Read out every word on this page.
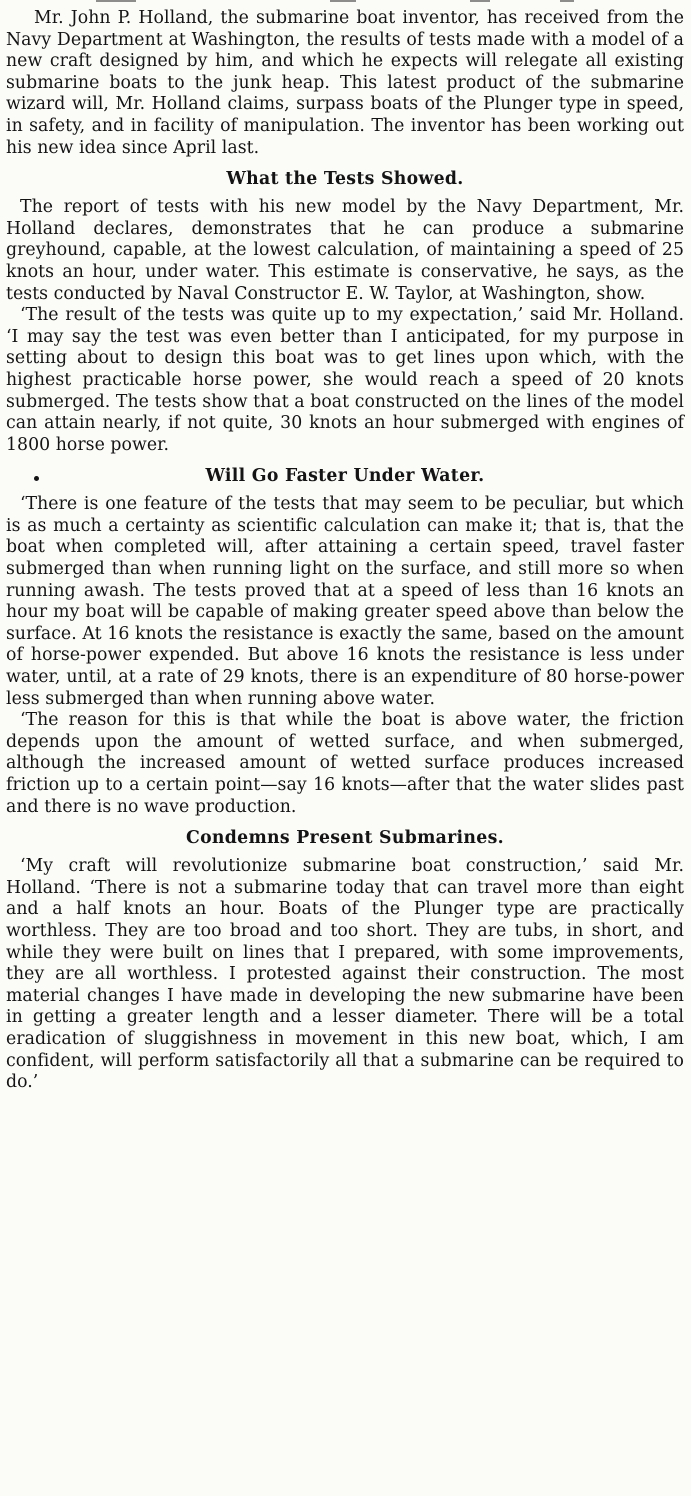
Mr. John P. Holland, the submarine boat inventor, has received from the Navy Department at Washington, the results of tests made with a model of a new craft designed by him, and which he expects will relegate all existing submarine boats to the junk heap. This latest product of the submarine wizard will, Mr. Holland claims, surpass boats of the Plunger type in speed, in safety, and in facility of manipulation. The inventor has been working out his new idea since April last.

What the Tests Showed.

The report of tests with his new model by the Navy Department, Mr. Holland declares, demonstrates that he can produce a submarine greyhound, capable, at the lowest calculation, of maintaining a speed of 25 knots an hour, under water. This estimate is conservative, he says, as the tests conducted by Naval Constructor E. W. Taylor, at Washington, show.

‘The result of the tests was quite up to my expectation,’ said Mr. Holland. ‘I may say the test was even better than I anticipated, for my purpose in setting about to design this boat was to get lines upon which, with the highest practicable horse power, she would reach a speed of 20 knots submerged. The tests show that a boat constructed on the lines of the model can attain nearly, if not quite, 30 knots an hour submerged with engines of 1800 horse power.

Will Go Faster Under Water.

‘There is one feature of the tests that may seem to be peculiar, but which is as much a certainty as scientific calculation can make it; that is, that the boat when completed will, after attaining a certain speed, travel faster submerged than when running light on the surface, and still more so when running awash. The tests proved that at a speed of less than 16 knots an hour my boat will be capable of making greater speed above than below the surface. At 16 knots the resistance is exactly the same, based on the amount of horse-power expended. But above 16 knots the resistance is less under water, until, at a rate of 29 knots, there is an expenditure of 80 horse-power less submerged than when running above water.

‘The reason for this is that while the boat is above water, the friction depends upon the amount of wetted surface, and when submerged, although the increased amount of wetted surface produces increased friction up to a certain point—say 16 knots—after that the water slides past and there is no wave production.

Condemns Present Submarines.

‘My craft will revolutionize submarine boat construction,’ said Mr. Holland. ‘There is not a submarine today that can travel more than eight and a half knots an hour. Boats of the Plunger type are practically worthless. They are too broad and too short. They are tubs, in short, and while they were built on lines that I prepared, with some improvements, they are all worthless. I protested against their construction. The most material changes I have made in developing the new submarine have been in getting a greater length and a lesser diameter. There will be a total eradication of sluggishness in movement in this new boat, which, I am confident, will perform satisfactorily all that a submarine can be required to do.’
